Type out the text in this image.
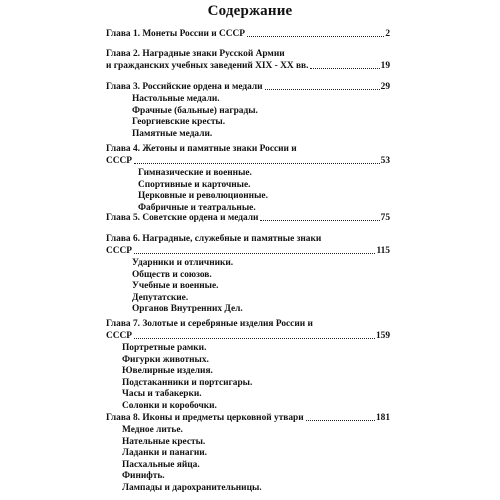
Содержание
Глава 1. Монеты России и СССР	2
Глава 2. Наградные знаки Русской Армии
и гражданских учебных заведений XIX - XX вв.	19
Глава 3. Российские ордена и медали	29
Настольные медали.
Фрачные (бальные) награды.
Георгиевские кресты.
Памятные медали.
Глава 4. Жетоны и памятные знаки России и
СССР	53
Гимназические и военные.
Спортивные и карточные.
Церковные и революционные.
Фабричные и театральные.
Глава 5. Советские ордена и медали	75
Глава 6. Наградные, служебные и памятные знаки
СССР	115
Ударники и отличники.
Обществ и союзов.
Учебные и военные.
Депутатские.
Органов Внутренних Дел.
Глава 7. Золотые и серебряные изделия России и
СССР	159
Портретные рамки.
Фигурки животных.
Ювелирные изделия.
Подстаканники и портсигары.
Часы и табакерки.
Солонки и коробочки.
Глава 8. Иконы и предметы церковной утвари	181
Медное литье.
Нательные кресты.
Ладанки и панагии.
Пасхальные яйца.
Финифть.
Лампады и дарохранительницы.
